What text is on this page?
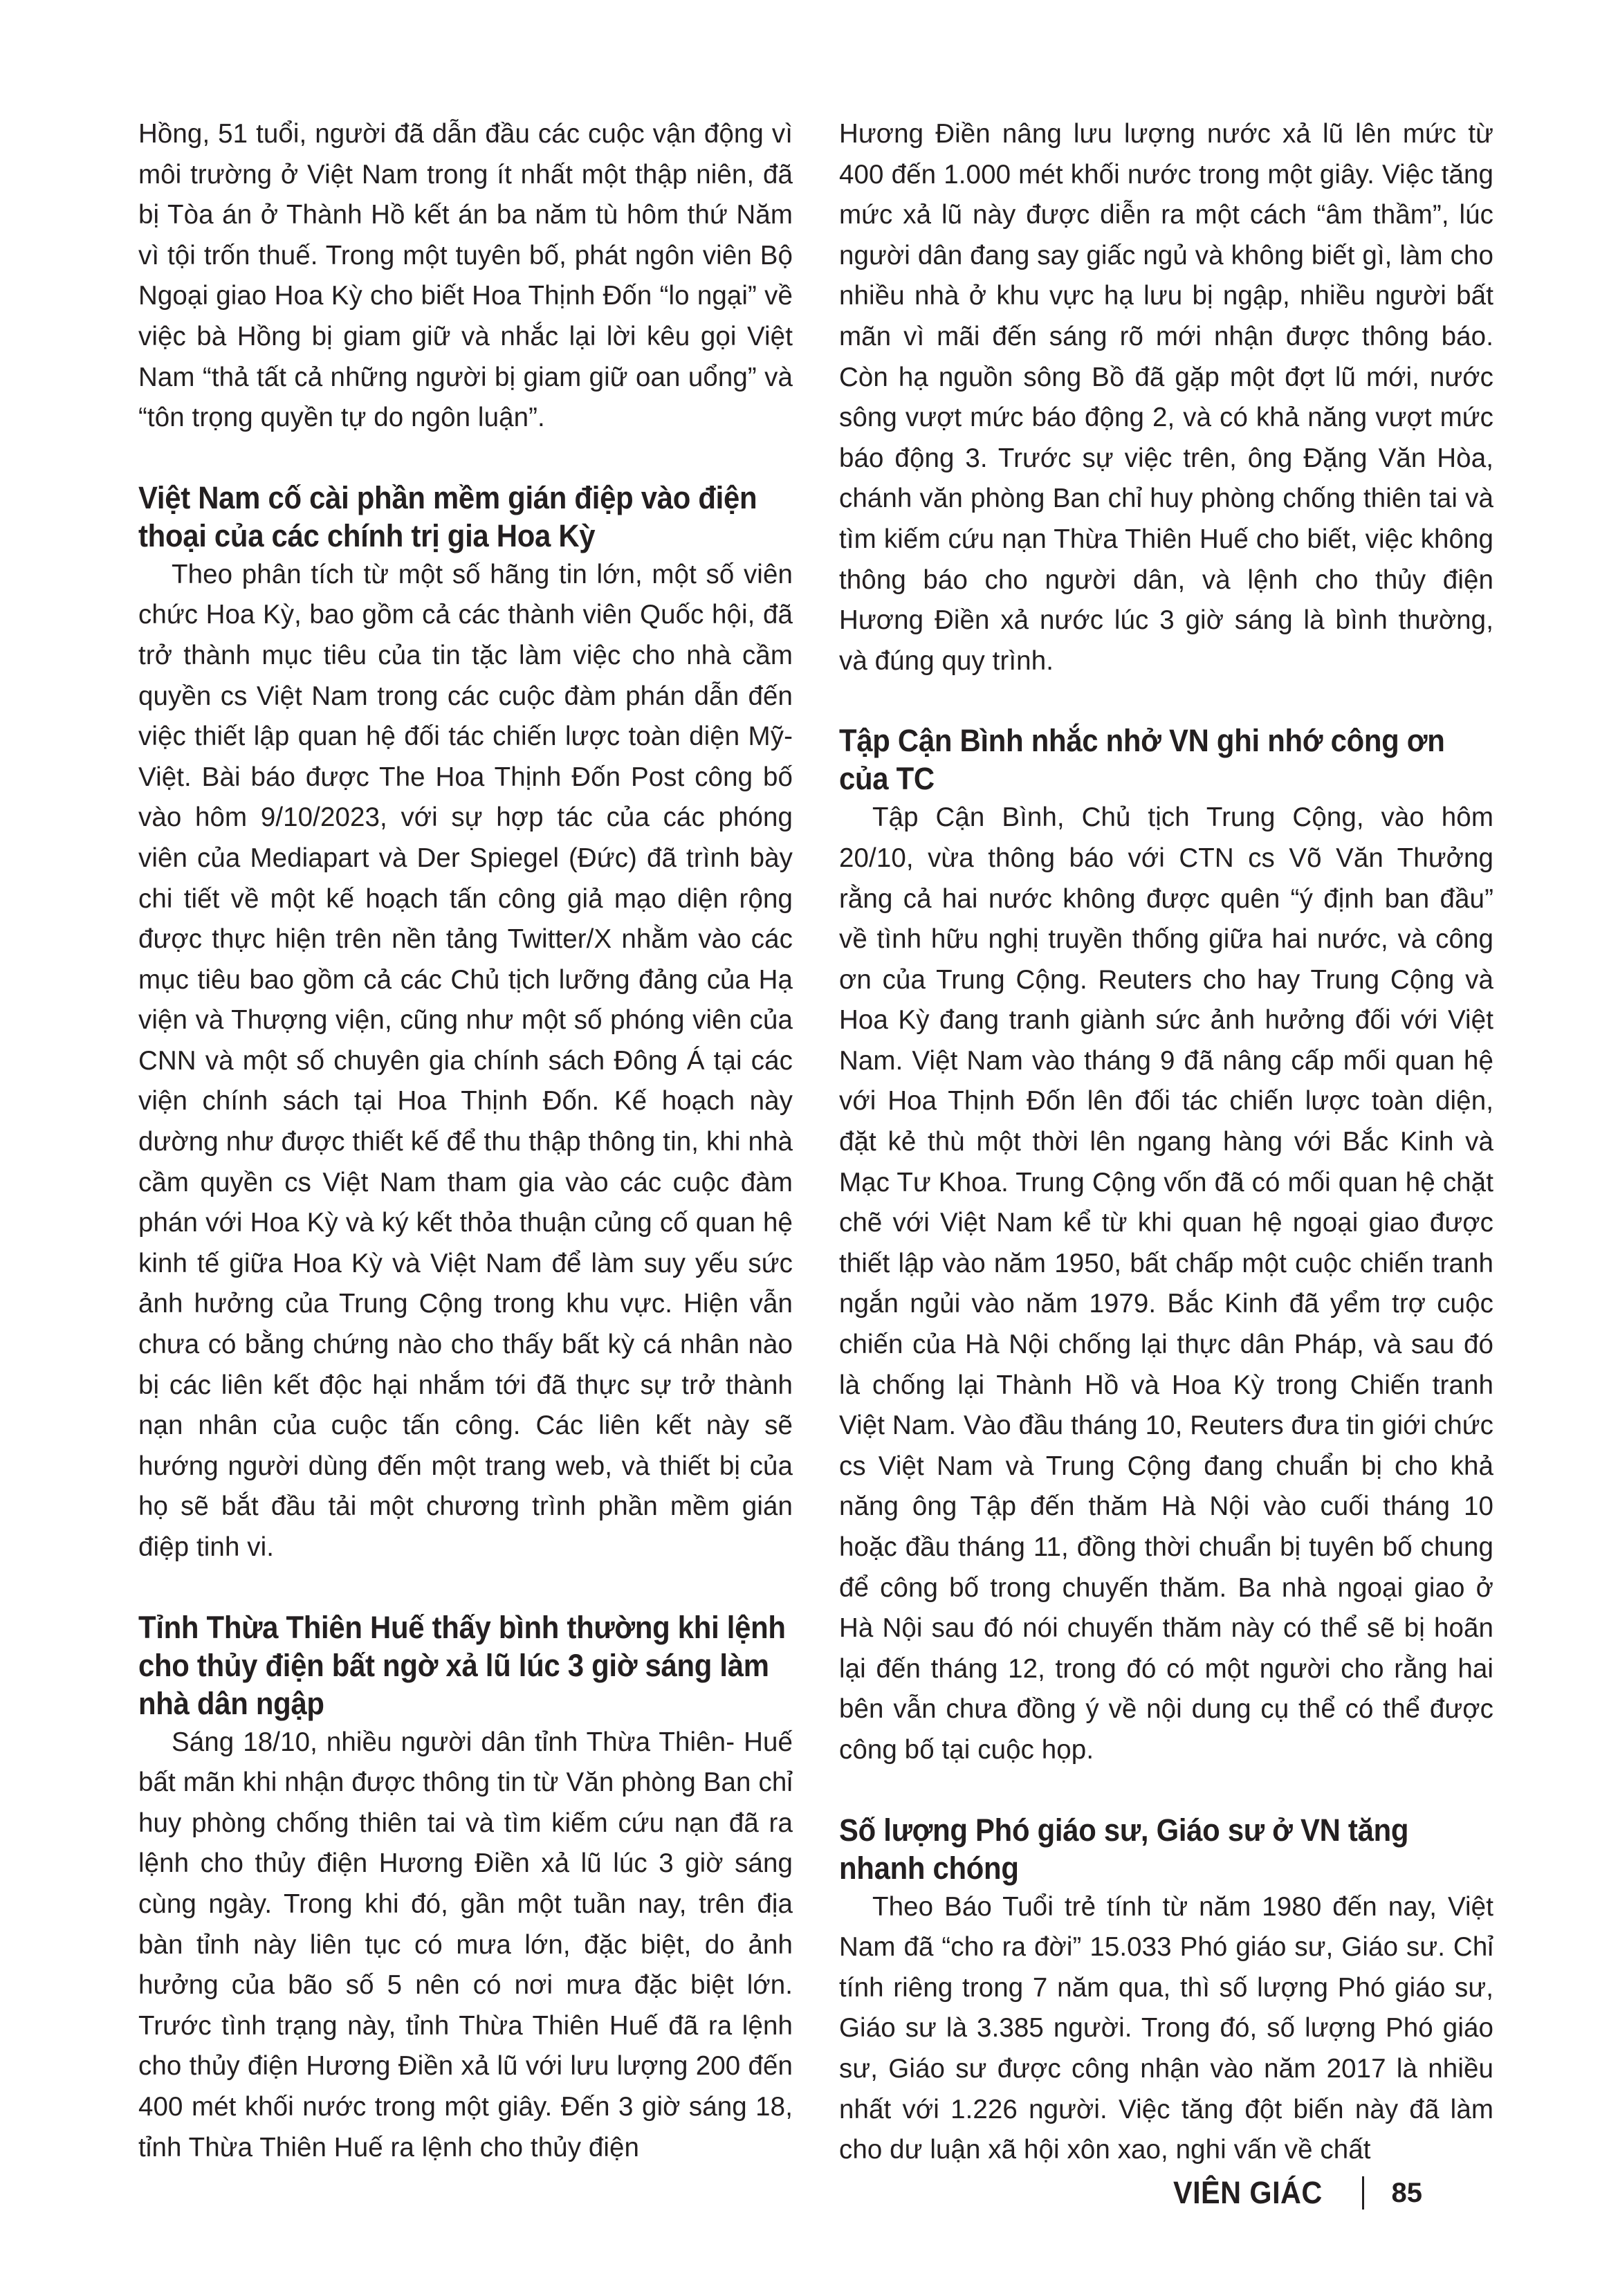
Hồng, 51 tuổi, người đã dẫn đầu các cuộc vận động vì môi trường ở Việt Nam trong ít nhất một thập niên, đã bị Tòa án ở Thành Hồ kết án ba năm tù hôm thứ Năm vì tội trốn thuế. Trong một tuyên bố, phát ngôn viên Bộ Ngoại giao Hoa Kỳ cho biết Hoa Thịnh Đốn “lo ngại” về việc bà Hồng bị giam giữ và nhắc lại lời kêu gọi Việt Nam “thả tất cả những người bị giam giữ oan uổng” và “tôn trọng quyền tự do ngôn luận”.

Việt Nam cố cài phần mềm gián điệp vào điện thoại của các chính trị gia Hoa Kỳ

Theo phân tích từ một số hãng tin lớn, một số viên chức Hoa Kỳ, bao gồm cả các thành viên Quốc hội, đã trở thành mục tiêu của tin tặc làm việc cho nhà cầm quyền cs Việt Nam trong các cuộc đàm phán dẫn đến việc thiết lập quan hệ đối tác chiến lược toàn diện Mỹ-Việt. Bài báo được The Hoa Thịnh Đốn Post công bố vào hôm 9/10/2023, với sự hợp tác của các phóng viên của Mediapart và Der Spiegel (Đức) đã trình bày chi tiết về một kế hoạch tấn công giả mạo diện rộng được thực hiện trên nền tảng Twitter/X nhằm vào các mục tiêu bao gồm cả các Chủ tịch lưỡng đảng của Hạ viện và Thượng viện, cũng như một số phóng viên của CNN và một số chuyên gia chính sách Đông Á tại các viện chính sách tại Hoa Thịnh Đốn. Kế hoạch này dường như được thiết kế để thu thập thông tin, khi nhà cầm quyền cs Việt Nam tham gia vào các cuộc đàm phán với Hoa Kỳ và ký kết thỏa thuận củng cố quan hệ kinh tế giữa Hoa Kỳ và Việt Nam để làm suy yếu sức ảnh hưởng của Trung Cộng trong khu vực. Hiện vẫn chưa có bằng chứng nào cho thấy bất kỳ cá nhân nào bị các liên kết độc hại nhắm tới đã thực sự trở thành nạn nhân của cuộc tấn công. Các liên kết này sẽ hướng người dùng đến một trang web, và thiết bị của họ sẽ bắt đầu tải một chương trình phần mềm gián điệp tinh vi.

Tỉnh Thừa Thiên Huế thấy bình thường khi lệnh cho thủy điện bất ngờ xả lũ lúc 3 giờ sáng làm nhà dân ngập

Sáng 18/10, nhiều người dân tỉnh Thừa Thiên- Huế bất mãn khi nhận được thông tin từ Văn phòng Ban chỉ huy phòng chống thiên tai và tìm kiếm cứu nạn đã ra lệnh cho thủy điện Hương Điền xả lũ lúc 3 giờ sáng cùng ngày. Trong khi đó, gần một tuần nay, trên địa bàn tỉnh này liên tục có mưa lớn, đặc biệt, do ảnh hưởng của bão số 5 nên có nơi mưa đặc biệt lớn. Trước tình trạng này, tỉnh Thừa Thiên Huế đã ra lệnh cho thủy điện Hương Điền xả lũ với lưu lượng 200 đến 400 mét khối nước trong một giây. Đến 3 giờ sáng 18, tỉnh Thừa Thiên Huế ra lệnh cho thủy điện

Hương Điền nâng lưu lượng nước xả lũ lên mức từ 400 đến 1.000 mét khối nước trong một giây. Việc tăng mức xả lũ này được diễn ra một cách “âm thầm”, lúc người dân đang say giấc ngủ và không biết gì, làm cho nhiều nhà ở khu vực hạ lưu bị ngập, nhiều người bất mãn vì mãi đến sáng rõ mới nhận được thông báo. Còn hạ nguồn sông Bồ đã gặp một đợt lũ mới, nước sông vượt mức báo động 2, và có khả năng vượt mức báo động 3. Trước sự việc trên, ông Đặng Văn Hòa, chánh văn phòng Ban chỉ huy phòng chống thiên tai và tìm kiếm cứu nạn Thừa Thiên Huế cho biết, việc không thông báo cho người dân, và lệnh cho thủy điện Hương Điền xả nước lúc 3 giờ sáng là bình thường, và đúng quy trình.

Tập Cận Bình nhắc nhở VN ghi nhớ công ơn của TC

Tập Cận Bình, Chủ tịch Trung Cộng, vào hôm 20/10, vừa thông báo với CTN cs Võ Văn Thưởng rằng cả hai nước không được quên “ý định ban đầu” về tình hữu nghị truyền thống giữa hai nước, và công ơn của Trung Cộng. Reuters cho hay Trung Cộng và Hoa Kỳ đang tranh giành sức ảnh hưởng đối với Việt Nam. Việt Nam vào tháng 9 đã nâng cấp mối quan hệ với Hoa Thịnh Đốn lên đối tác chiến lược toàn diện, đặt kẻ thù một thời lên ngang hàng với Bắc Kinh và Mạc Tư Khoa. Trung Cộng vốn đã có mối quan hệ chặt chẽ với Việt Nam kể từ khi quan hệ ngoại giao được thiết lập vào năm 1950, bất chấp một cuộc chiến tranh ngắn ngủi vào năm 1979. Bắc Kinh đã yểm trợ cuộc chiến của Hà Nội chống lại thực dân Pháp, và sau đó là chống lại Thành Hồ và Hoa Kỳ trong Chiến tranh Việt Nam. Vào đầu tháng 10, Reuters đưa tin giới chức cs Việt Nam và Trung Cộng đang chuẩn bị cho khả năng ông Tập đến thăm Hà Nội vào cuối tháng 10 hoặc đầu tháng 11, đồng thời chuẩn bị tuyên bố chung để công bố trong chuyến thăm. Ba nhà ngoại giao ở Hà Nội sau đó nói chuyến thăm này có thể sẽ bị hoãn lại đến tháng 12, trong đó có một người cho rằng hai bên vẫn chưa đồng ý về nội dung cụ thể có thể được công bố tại cuộc họp.

Số lượng Phó giáo sư, Giáo sư ở VN tăng nhanh chóng

Theo Báo Tuổi trẻ tính từ năm 1980 đến nay, Việt Nam đã “cho ra đời” 15.033 Phó giáo sư, Giáo sư. Chỉ tính riêng trong 7 năm qua, thì số lượng Phó giáo sư, Giáo sư là 3.385 người. Trong đó, số lượng Phó giáo sư, Giáo sư được công nhận vào năm 2017 là nhiều nhất với 1.226 người. Việc tăng đột biến này đã làm cho dư luận xã hội xôn xao, nghi vấn về chất

VIÊN GIÁC 85
